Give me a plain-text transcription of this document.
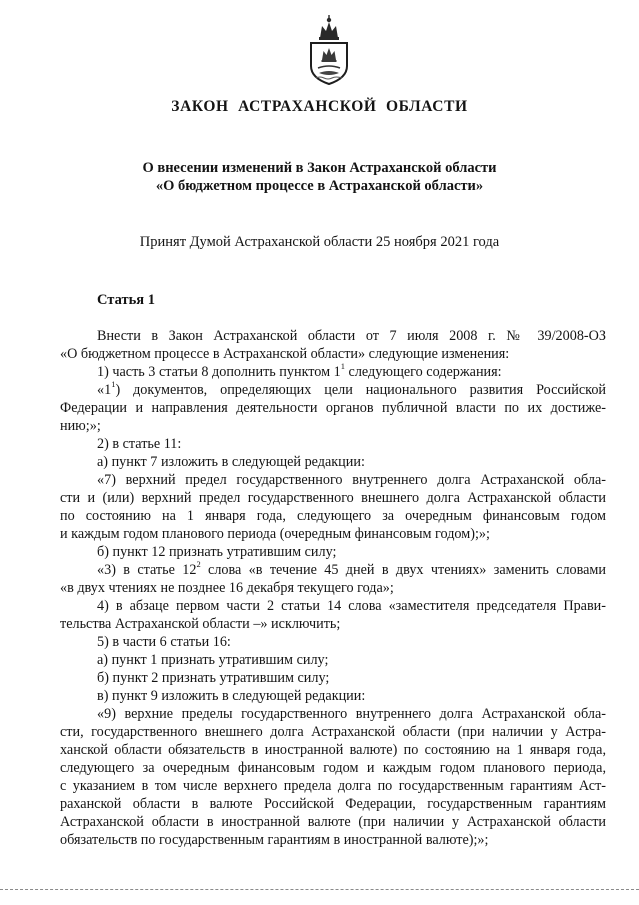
ЗАКОН АСТРАХАНСКОЙ ОБЛАСТИ
О внесении изменений в Закон Астраханской области
«О бюджетном процессе в Астраханской области»
Принят Думой Астраханской области 25 ноября 2021 года
Статья 1
Внести в Закон Астраханской области от 7 июля 2008 г. № 39/2008-ОЗ
«О бюджетном процессе в Астраханской области» следующие изменения:
1) часть 3 статьи 8 дополнить пунктом $1^1$ следующего содержания:
«$1^1$) документов, определяющих цели национального развития Российской
Федерации и направления деятельности органов публичной власти по их достиже-
нию;»;
2) в статье 11:
а) пункт 7 изложить в следующей редакции:
«7) верхний предел государственного внутреннего долга Астраханской обла-
сти и (или) верхний предел государственного внешнего долга Астраханской области
по состоянию на 1 января года, следующего за очередным финансовым годом
и каждым годом планового периода (очередным финансовым годом);»;
б) пункт 12 признать утратившим силу;
«3) в статье $12^2$ слова «в течение 45 дней в двух чтениях» заменить словами
«в двух чтениях не позднее 16 декабря текущего года»;
4) в абзаце первом части 2 статьи 14 слова «заместителя председателя Прави-
тельства Астраханской области –» исключить;
5) в части 6 статьи 16:
а) пункт 1 признать утратившим силу;
б) пункт 2 признать утратившим силу;
в) пункт 9 изложить в следующей редакции:
«9) верхние пределы государственного внутреннего долга Астраханской обла-
сти, государственного внешнего долга Астраханской области (при наличии у Астра-
ханской области обязательств в иностранной валюте) по состоянию на 1 января года,
следующего за очередным финансовым годом и каждым годом планового периода,
с указанием в том числе верхнего предела долга по государственным гарантиям Аст-
раханской области в валюте Российской Федерации, государственным гарантиям
Астраханской области в иностранной валюте (при наличии у Астраханской области
обязательств по государственным гарантиям в иностранной валюте);»;
